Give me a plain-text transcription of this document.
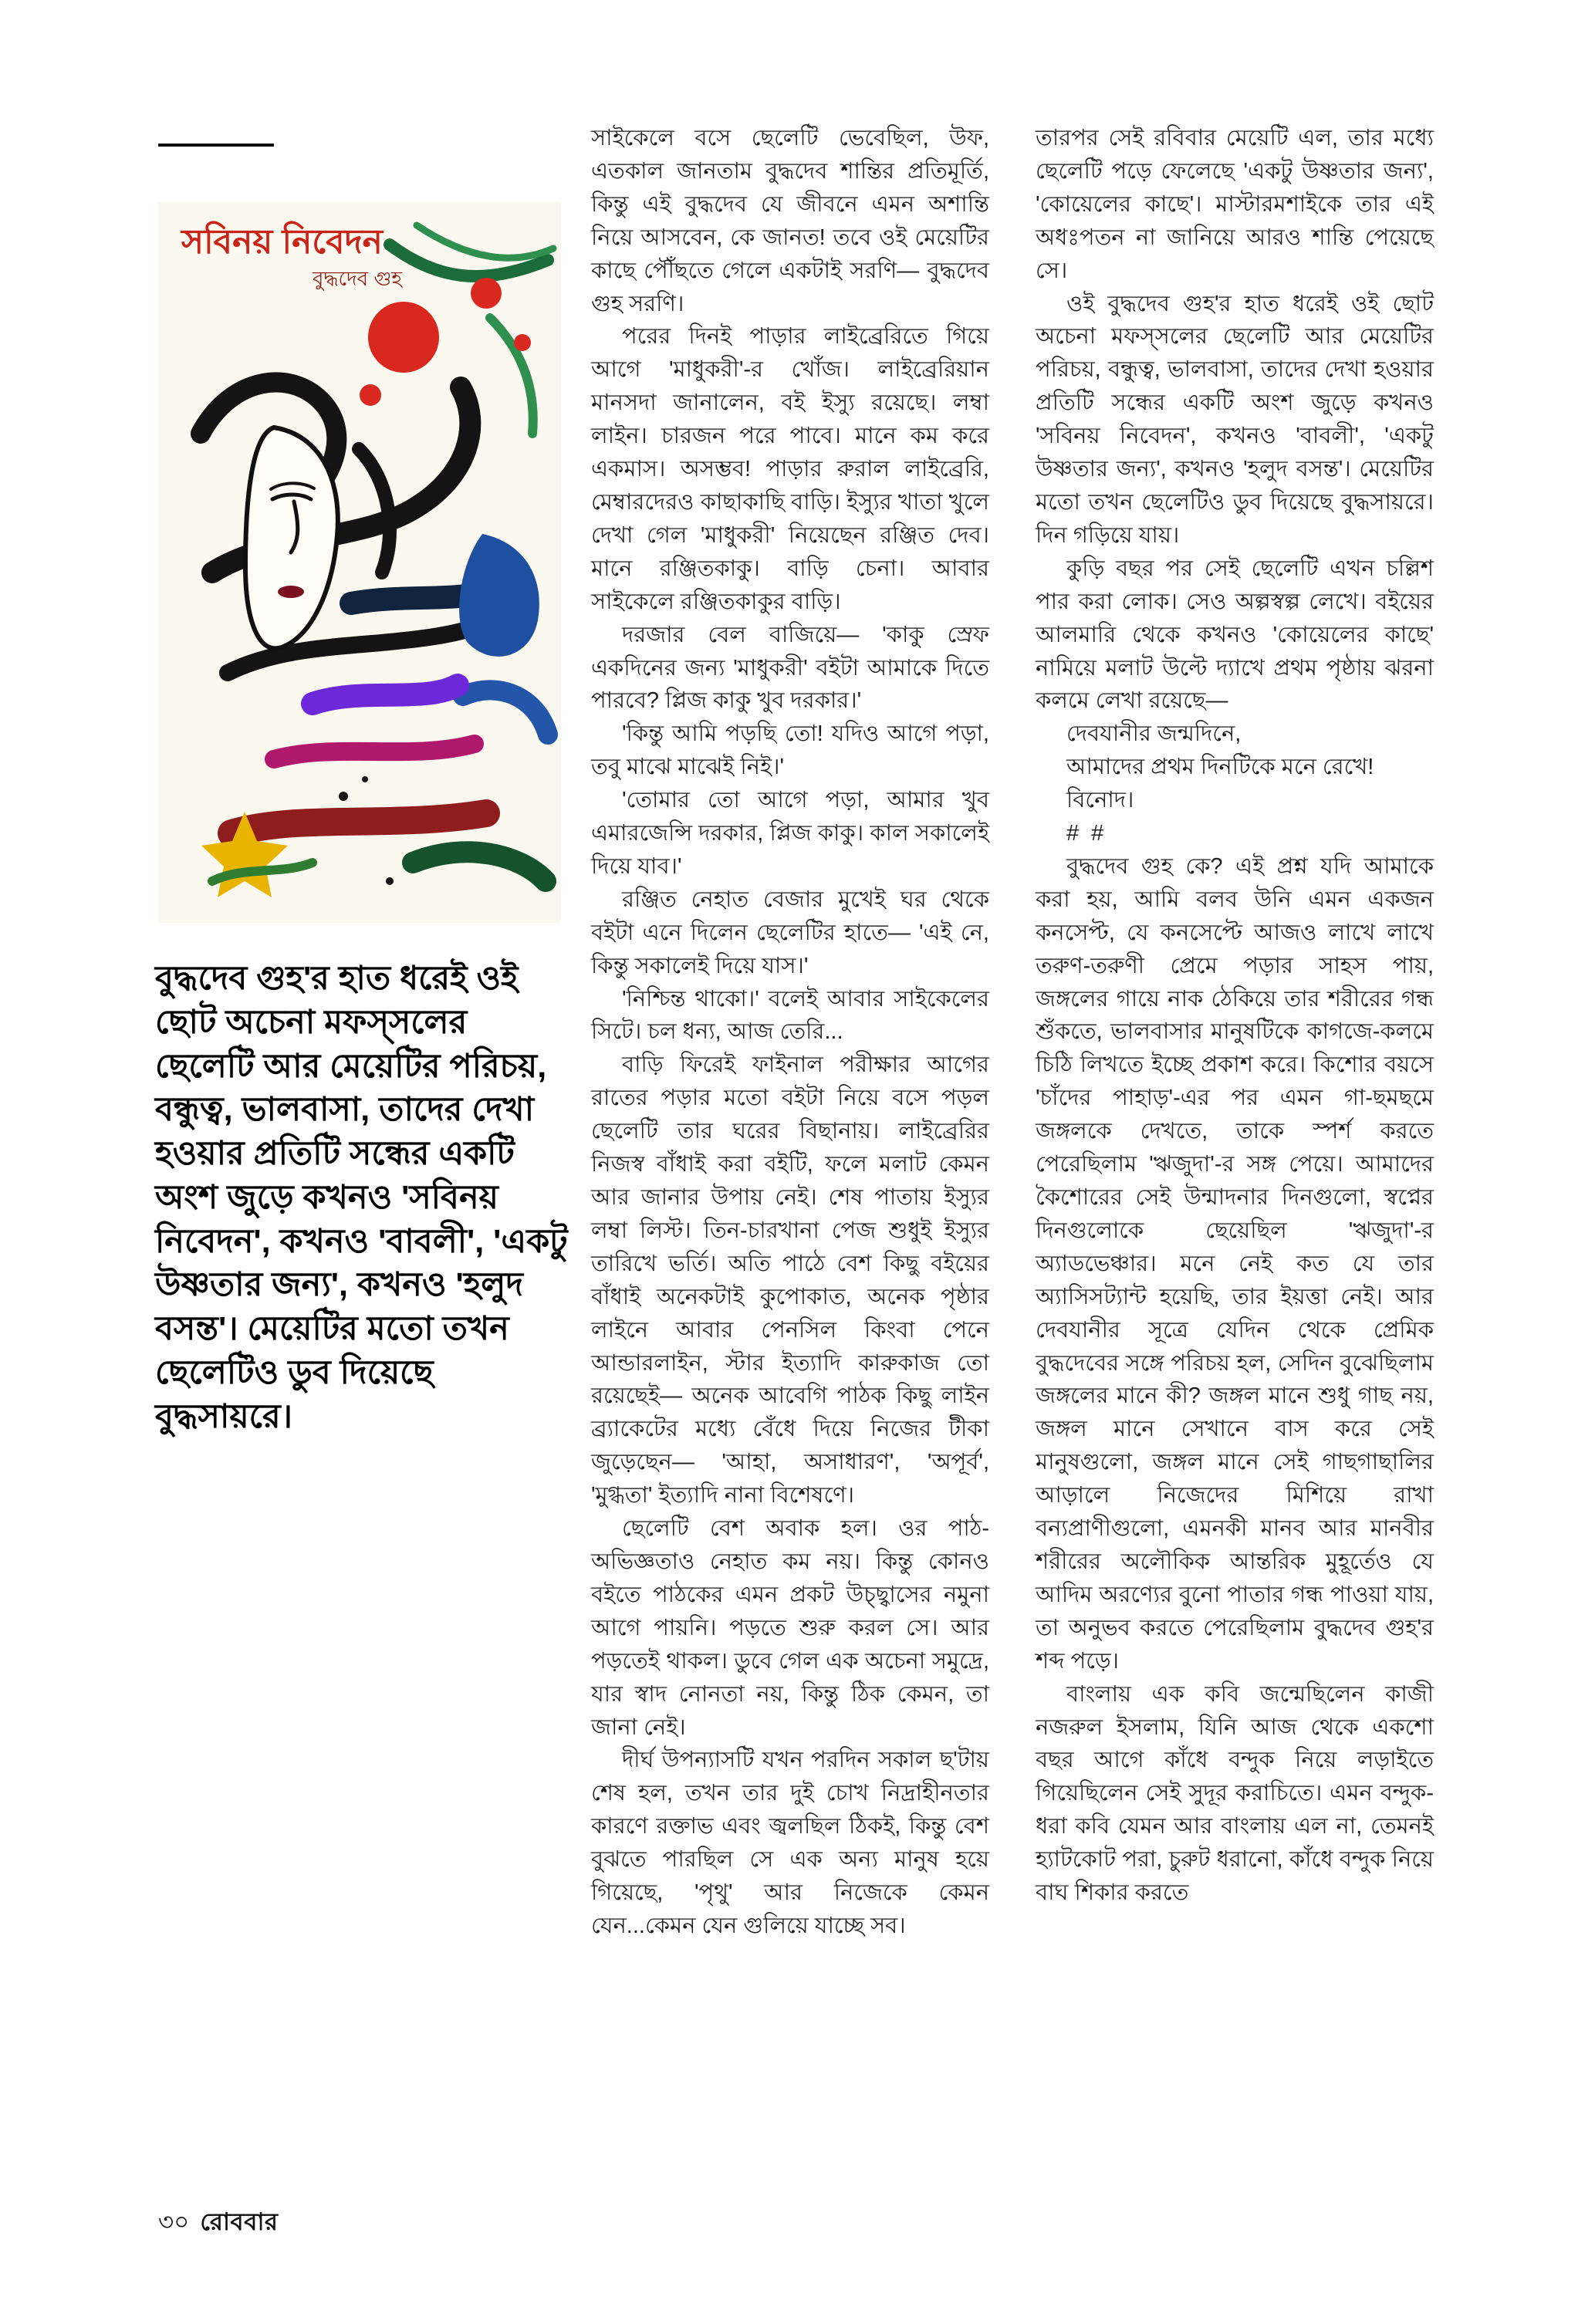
সবিনয় নিবেদন
বুদ্ধদেব গুহ
বুদ্ধদেব গুহ'র হাত ধরেই ওই ছোট অচেনা মফস্সলের ছেলেটি আর মেয়েটির পরিচয়, বন্ধুত্ব, ভালবাসা, তাদের দেখা হওয়ার প্রতিটি সন্ধের একটি অংশ জুড়ে কখনও 'সবিনয় নিবেদন', কখনও 'বাবলী', 'একটু উষ্ণতার জন্য', কখনও 'হলুদ বসন্ত'। মেয়েটির মতো তখন ছেলেটিও ডুব দিয়েছে বুদ্ধসায়রে।

সাইকেলে বসে ছেলেটি ভেবেছিল, উফ, এতকাল জানতাম বুদ্ধদেব শান্তির প্রতিমূর্তি, কিন্তু এই বুদ্ধদেব যে জীবনে এমন অশান্তি নিয়ে আসবেন, কে জানত! তবে ওই মেয়েটির কাছে পৌঁছতে গেলে একটাই সরণি— বুদ্ধদেব গুহ সরণি।

পরের দিনই পাড়ার লাইব্রেরিতে গিয়ে আগে 'মাধুকরী'-র খোঁজ। লাইব্রেরিয়ান মানসদা জানালেন, বই ইস্যু রয়েছে। লম্বা লাইন। চারজন পরে পাবে। মানে কম করে একমাস। অসম্ভব! পাড়ার রুরাল লাইব্রেরি, মেম্বারদেরও কাছাকাছি বাড়ি। ইস্যুর খাতা খুলে দেখা গেল 'মাধুকরী' নিয়েছেন রঞ্জিত দেব। মানে রঞ্জিতকাকু। বাড়ি চেনা। আবার সাইকেলে রঞ্জিতকাকুর বাড়ি।

দরজার বেল বাজিয়ে— 'কাকু স্রেফ একদিনের জন্য 'মাধুকরী' বইটা আমাকে দিতে পারবে? প্লিজ কাকু খুব দরকার।'

'কিন্তু আমি পড়ছি তো! যদিও আগে পড়া, তবু মাঝে মাঝেই নিই।'

'তোমার তো আগে পড়া, আমার খুব এমারজেন্সি দরকার, প্লিজ কাকু। কাল সকালেই দিয়ে যাব।'

রঞ্জিত নেহাত বেজার মুখেই ঘর থেকে বইটা এনে দিলেন ছেলেটির হাতে— 'এই নে, কিন্তু সকালেই দিয়ে যাস।'

'নিশ্চিন্ত থাকো।' বলেই আবার সাইকেলের সিটে। চল ধন্য, আজ তেরি...

বাড়ি ফিরেই ফাইনাল পরীক্ষার আগের রাতের পড়ার মতো বইটা নিয়ে বসে পড়ল ছেলেটি তার ঘরের বিছানায়। লাইব্রেরির নিজস্ব বাঁধাই করা বইটি, ফলে মলাট কেমন আর জানার উপায় নেই। শেষ পাতায় ইস্যুর লম্বা লিস্ট। তিন-চারখানা পেজ শুধুই ইস্যুর তারিখে ভর্তি। অতি পাঠে বেশ কিছু বইয়ের বাঁধাই অনেকটাই কুপোকাত, অনেক পৃষ্ঠার লাইনে আবার পেনসিল কিংবা পেনে আন্ডারলাইন, স্টার ইত্যাদি কারুকাজ তো রয়েছেই— অনেক আবেগি পাঠক কিছু লাইন ব্র্যাকেটের মধ্যে বেঁধে দিয়ে নিজের টীকা জুড়েছেন— 'আহা, অসাধারণ', 'অপূর্ব', 'মুগ্ধতা' ইত্যাদি নানা বিশেষণে।

ছেলেটি বেশ অবাক হল। ওর পাঠ-অভিজ্ঞতাও নেহাত কম নয়। কিন্তু কোনও বইতে পাঠকের এমন প্রকট উচ্ছ্বাসের নমুনা আগে পায়নি। পড়তে শুরু করল সে। আর পড়তেই থাকল। ডুবে গেল এক অচেনা সমুদ্রে, যার স্বাদ নোনতা নয়, কিন্তু ঠিক কেমন, তা জানা নেই।

দীর্ঘ উপন্যাসটি যখন পরদিন সকাল ছ'টায় শেষ হল, তখন তার দুই চোখ নিদ্রাহীনতার কারণে রক্তাভ এবং জ্বলছিল ঠিকই, কিন্তু বেশ বুঝতে পারছিল সে এক অন্য মানুষ হয়ে গিয়েছে, 'পৃথু' আর নিজেকে কেমন যেন...কেমন যেন গুলিয়ে যাচ্ছে সব।

তারপর সেই রবিবার মেয়েটি এল, তার মধ্যে ছেলেটি পড়ে ফেলেছে 'একটু উষ্ণতার জন্য', 'কোয়েলের কাছে'। মাস্টারমশাইকে তার এই অধঃপতন না জানিয়ে আরও শান্তি পেয়েছে সে।

ওই বুদ্ধদেব গুহ'র হাত ধরেই ওই ছোট অচেনা মফস্সলের ছেলেটি আর মেয়েটির পরিচয়, বন্ধুত্ব, ভালবাসা, তাদের দেখা হওয়ার প্রতিটি সন্ধের একটি অংশ জুড়ে কখনও 'সবিনয় নিবেদন', কখনও 'বাবলী', 'একটু উষ্ণতার জন্য', কখনও 'হলুদ বসন্ত'। মেয়েটির মতো তখন ছেলেটিও ডুব দিয়েছে বুদ্ধসায়রে। দিন গড়িয়ে যায়।

কুড়ি বছর পর সেই ছেলেটি এখন চল্লিশ পার করা লোক। সেও অল্পস্বল্প লেখে। বইয়ের আলমারি থেকে কখনও 'কোয়েলের কাছে' নামিয়ে মলাট উল্টে দ্যাখে প্রথম পৃষ্ঠায় ঝরনা কলমে লেখা রয়েছে—

দেবযানীর জন্মদিনে,

আমাদের প্রথম দিনটিকে মনে রেখে!

বিনোদ।

# #

বুদ্ধদেব গুহ কে? এই প্রশ্ন যদি আমাকে করা হয়, আমি বলব উনি এমন একজন কনসেপ্ট, যে কনসেপ্টে আজও লাখে লাখে তরুণ-তরুণী প্রেমে পড়ার সাহস পায়, জঙ্গলের গায়ে নাক ঠেকিয়ে তার শরীরের গন্ধ শুঁকতে, ভালবাসার মানুষটিকে কাগজে-কলমে চিঠি লিখতে ইচ্ছে প্রকাশ করে। কিশোর বয়সে 'চাঁদের পাহাড়'-এর পর এমন গা-ছমছমে জঙ্গলকে দেখতে, তাকে স্পর্শ করতে পেরেছিলাম 'ঋজুদা'-র সঙ্গ পেয়ে। আমাদের কৈশোরের সেই উন্মাদনার দিনগুলো, স্বপ্নের দিনগুলোকে ছেয়েছিল 'ঋজুদা'-র অ্যাডভেঞ্চার। মনে নেই কত যে তার অ্যাসিসট্যান্ট হয়েছি, তার ইয়ত্তা নেই। আর দেবযানীর সূত্রে যেদিন থেকে প্রেমিক বুদ্ধদেবের সঙ্গে পরিচয় হল, সেদিন বুঝেছিলাম জঙ্গলের মানে কী? জঙ্গল মানে শুধু গাছ নয়, জঙ্গল মানে সেখানে বাস করে সেই মানুষগুলো, জঙ্গল মানে সেই গাছগাছালির আড়ালে নিজেদের মিশিয়ে রাখা বন্যপ্রাণীগুলো, এমনকী মানব আর মানবীর শরীরের অলৌকিক আন্তরিক মুহূর্তেও যে আদিম অরণ্যের বুনো পাতার গন্ধ পাওয়া যায়, তা অনুভব করতে পেরেছিলাম বুদ্ধদেব গুহ'র শব্দ পড়ে।

বাংলায় এক কবি জন্মেছিলেন কাজী নজরুল ইসলাম, যিনি আজ থেকে একশো বছর আগে কাঁধে বন্দুক নিয়ে লড়াইতে গিয়েছিলেন সেই সুদূর করাচিতে। এমন বন্দুক-ধরা কবি যেমন আর বাংলায় এল না, তেমনই হ্যাটকোট পরা, চুরুট ধরানো, কাঁধে বন্দুক নিয়ে বাঘ শিকার করতে

৩০ রোববার
